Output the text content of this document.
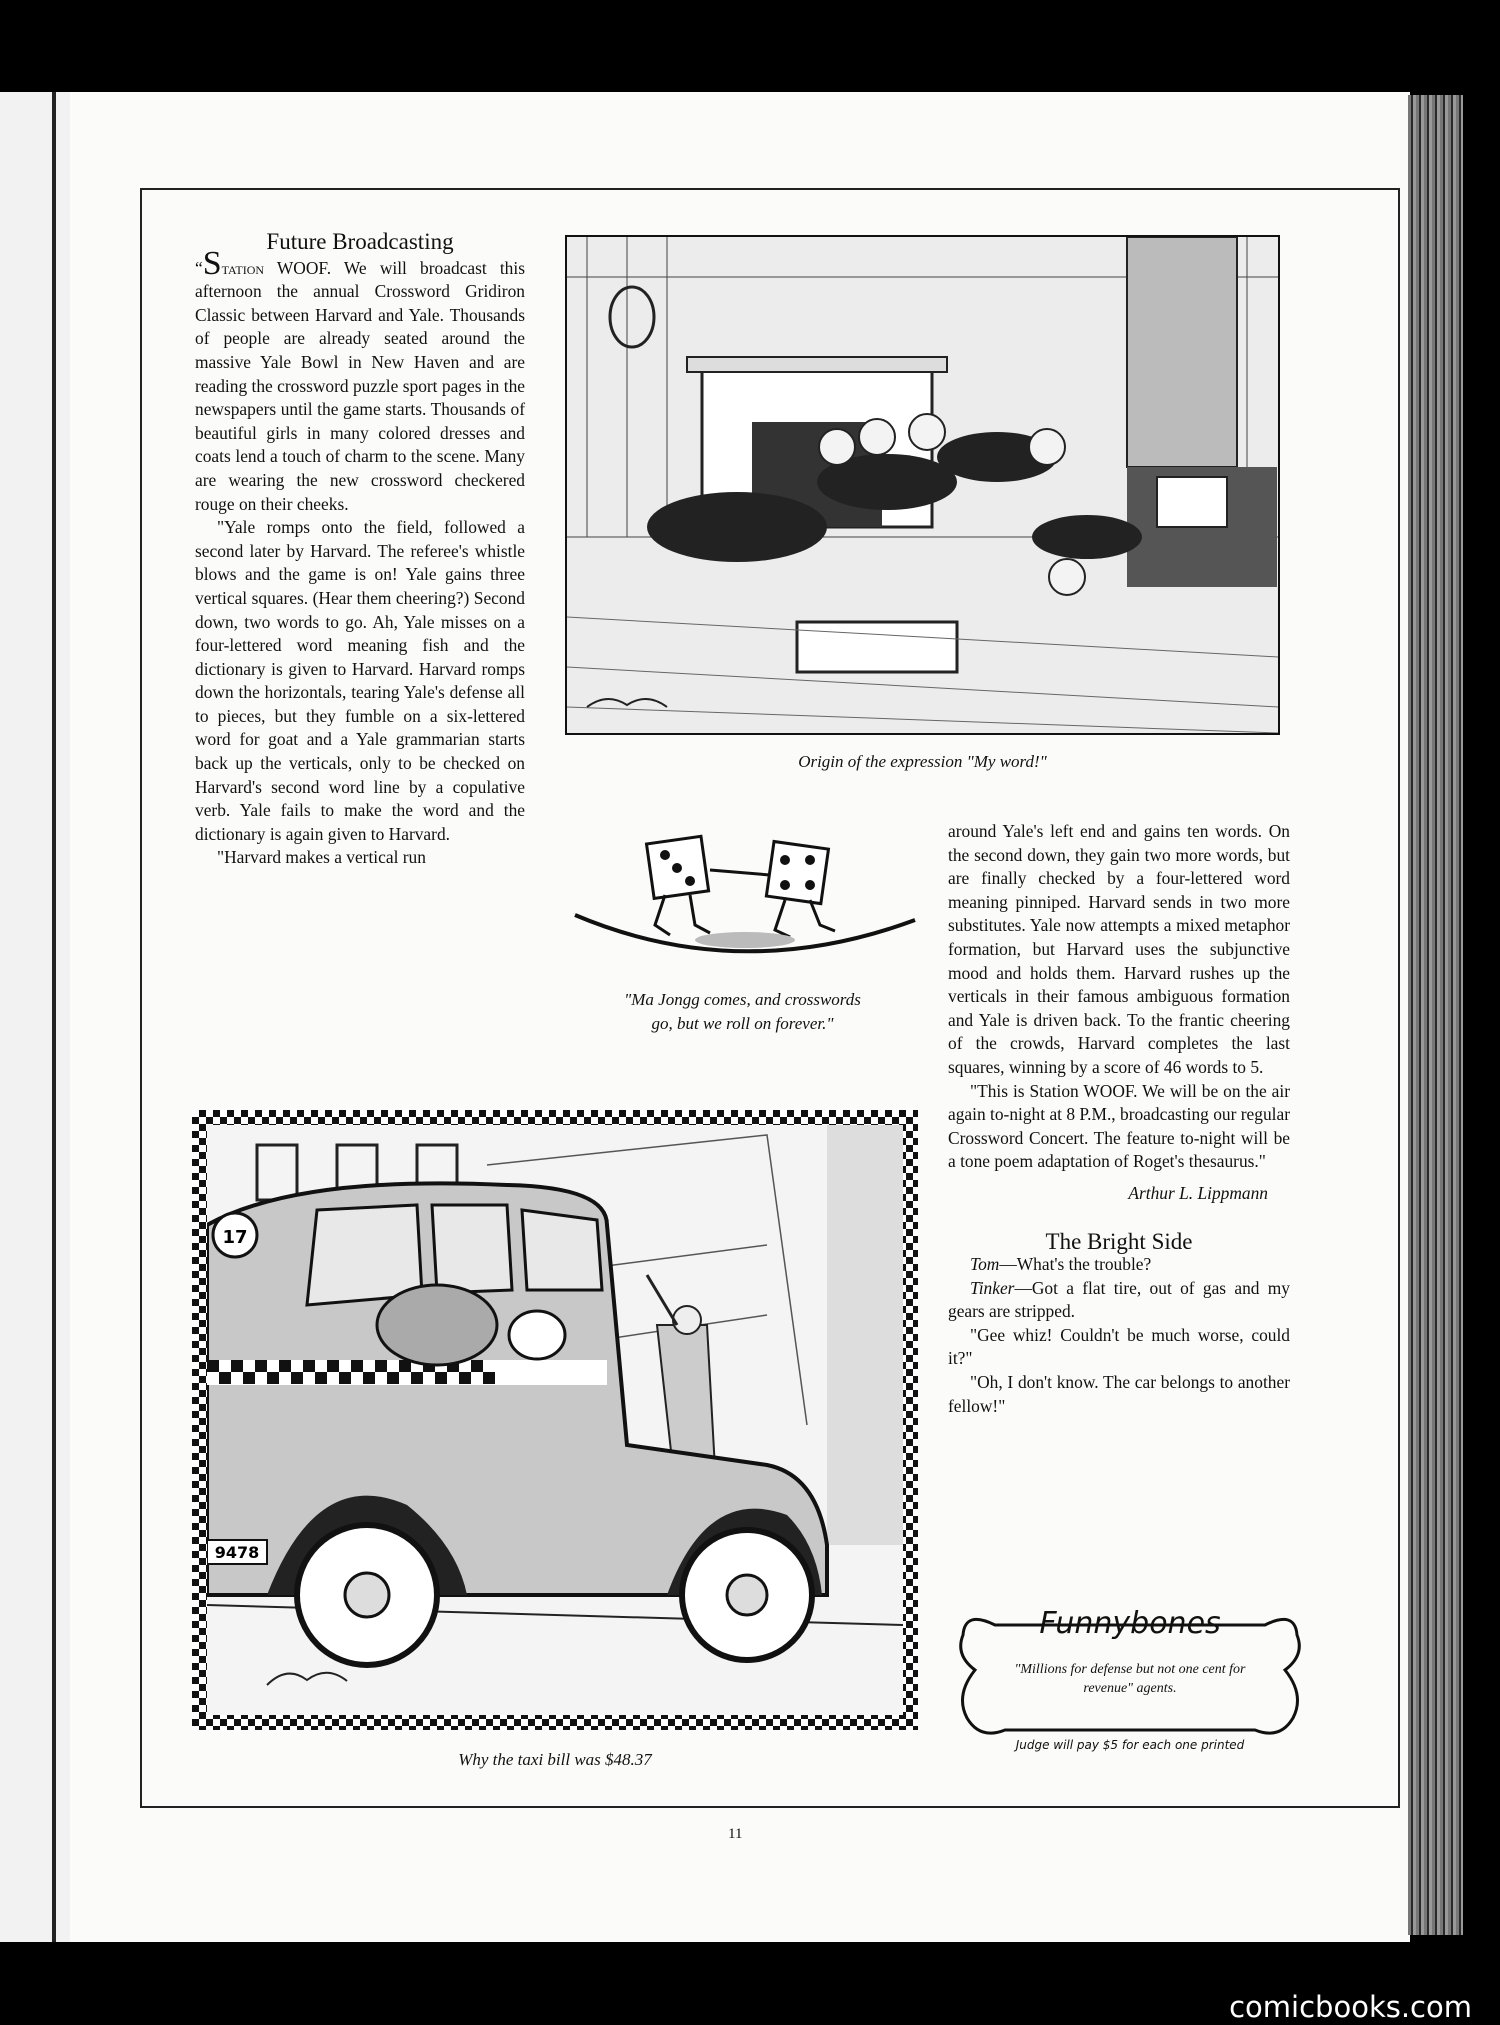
Future Broadcasting

“Station WOOF. We will broadcast this afternoon the annual Crossword Gridiron Classic between Harvard and Yale. Thousands of people are already seated around the massive Yale Bowl in New Haven and are reading the crossword puzzle sport pages in the newspapers until the game starts. Thousands of beautiful girls in many colored dresses and coats lend a touch of charm to the scene. Many are wearing the new crossword checkered rouge on their cheeks.

"Yale romps onto the field, followed a second later by Harvard. The referee's whistle blows and the game is on! Yale gains three vertical squares. (Hear them cheering?) Second down, two words to go. Ah, Yale misses on a four-lettered word meaning fish and the dictionary is given to Harvard. Harvard romps down the horizontals, tearing Yale's defense all to pieces, but they fumble on a six-lettered word for goat and a Yale grammarian starts back up the verticals, only to be checked on Harvard's second word line by a copulative verb. Yale fails to make the word and the dictionary is again given to Harvard.

"Harvard makes a vertical run

Origin of the expression "My word!"
"Ma Jongg comes, and crosswords
go, but we roll on forever."

around Yale's left end and gains ten words. On the second down, they gain two more words, but are finally checked by a four-lettered word meaning pinniped. Harvard sends in two more substitutes. Yale now attempts a mixed metaphor formation, but Harvard uses the subjunctive mood and holds them. Harvard rushes up the verticals in their famous ambiguous formation and Yale is driven back. To the frantic cheering of the crowds, Harvard completes the last squares, winning by a score of 46 words to 5.

"This is Station WOOF. We will be on the air again to-night at 8 P.M., broadcasting our regular Crossword Concert. The feature to-night will be a tone poem adaptation of Roget's thesaurus."

Arthur L. Lippmann

The Bright Side

Tom—What's the trouble?

Tinker—Got a flat tire, out of gas and my gears are stripped.

"Gee whiz! Couldn't be much worse, could it?"

"Oh, I don't know. The car belongs to another fellow!"

17
9478
Why the taxi bill was $48.37
Funnybones
"Millions for defense but not one cent for revenue" agents.
Judge will pay $5 for each one printed
11
comicbooks.com
